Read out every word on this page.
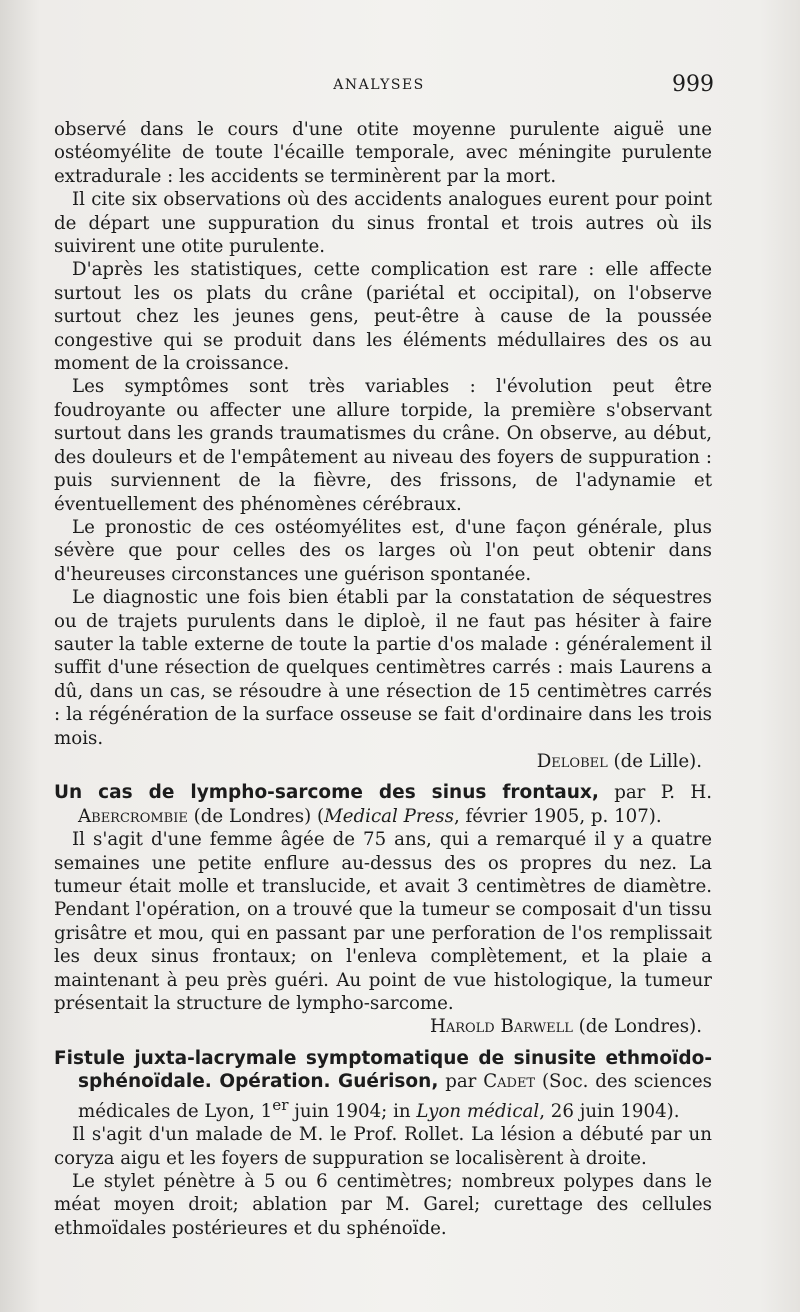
ANALYSES	999

observé dans le cours d'une otite moyenne purulente aiguë une ostéomyélite de toute l'écaille temporale, avec méningite purulente extradurale : les accidents se terminèrent par la mort.

Il cite six observations où des accidents analogues eurent pour point de départ une suppuration du sinus frontal et trois autres où ils suivirent une otite purulente.

D'après les statistiques, cette complication est rare : elle affecte surtout les os plats du crâne (pariétal et occipital), on l'observe surtout chez les jeunes gens, peut-être à cause de la poussée congestive qui se produit dans les éléments médullaires des os au moment de la croissance.

Les symptômes sont très variables : l'évolution peut être foudroyante ou affecter une allure torpide, la première s'observant surtout dans les grands traumatismes du crâne. On observe, au début, des douleurs et de l'empâtement au niveau des foyers de suppuration : puis surviennent de la fièvre, des frissons, de l'adynamie et éventuellement des phénomènes cérébraux.

Le pronostic de ces ostéomyélites est, d'une façon générale, plus sévère que pour celles des os larges où l'on peut obtenir dans d'heureuses circonstances une guérison spontanée.

Le diagnostic une fois bien établi par la constatation de séquestres ou de trajets purulents dans le diploè, il ne faut pas hésiter à faire sauter la table externe de toute la partie d'os malade : généralement il suffit d'une résection de quelques centimètres carrés : mais Laurens a dû, dans un cas, se résoudre à une résection de 15 centimètres carrés : la régénération de la surface osseuse se fait d'ordinaire dans les trois mois.

Delobel (de Lille).

Un cas de lympho-sarcome des sinus frontaux, par P. H. Abercrombie (de Londres) (Medical Press, février 1905, p. 107).

Il s'agit d'une femme âgée de 75 ans, qui a remarqué il y a quatre semaines une petite enflure au-dessus des os propres du nez. La tumeur était molle et translucide, et avait 3 centimètres de diamètre. Pendant l'opération, on a trouvé que la tumeur se composait d'un tissu grisâtre et mou, qui en passant par une perforation de l'os remplissait les deux sinus frontaux; on l'enleva complètement, et la plaie a maintenant à peu près guéri. Au point de vue histologique, la tumeur présentait la structure de lympho-sarcome.

Harold Barwell (de Londres).

Fistule juxta-lacrymale symptomatique de sinusite ethmoïdo-sphénoïdale. Opération. Guérison, par Cadet (Soc. des sciences médicales de Lyon, 1er juin 1904; in Lyon médical, 26 juin 1904).

Il s'agit d'un malade de M. le Prof. Rollet. La lésion a débuté par un coryza aigu et les foyers de suppuration se localisèrent à droite.

Le stylet pénètre à 5 ou 6 centimètres; nombreux polypes dans le méat moyen droit; ablation par M. Garel; curettage des cellules ethmoïdales postérieures et du sphénoïde.
